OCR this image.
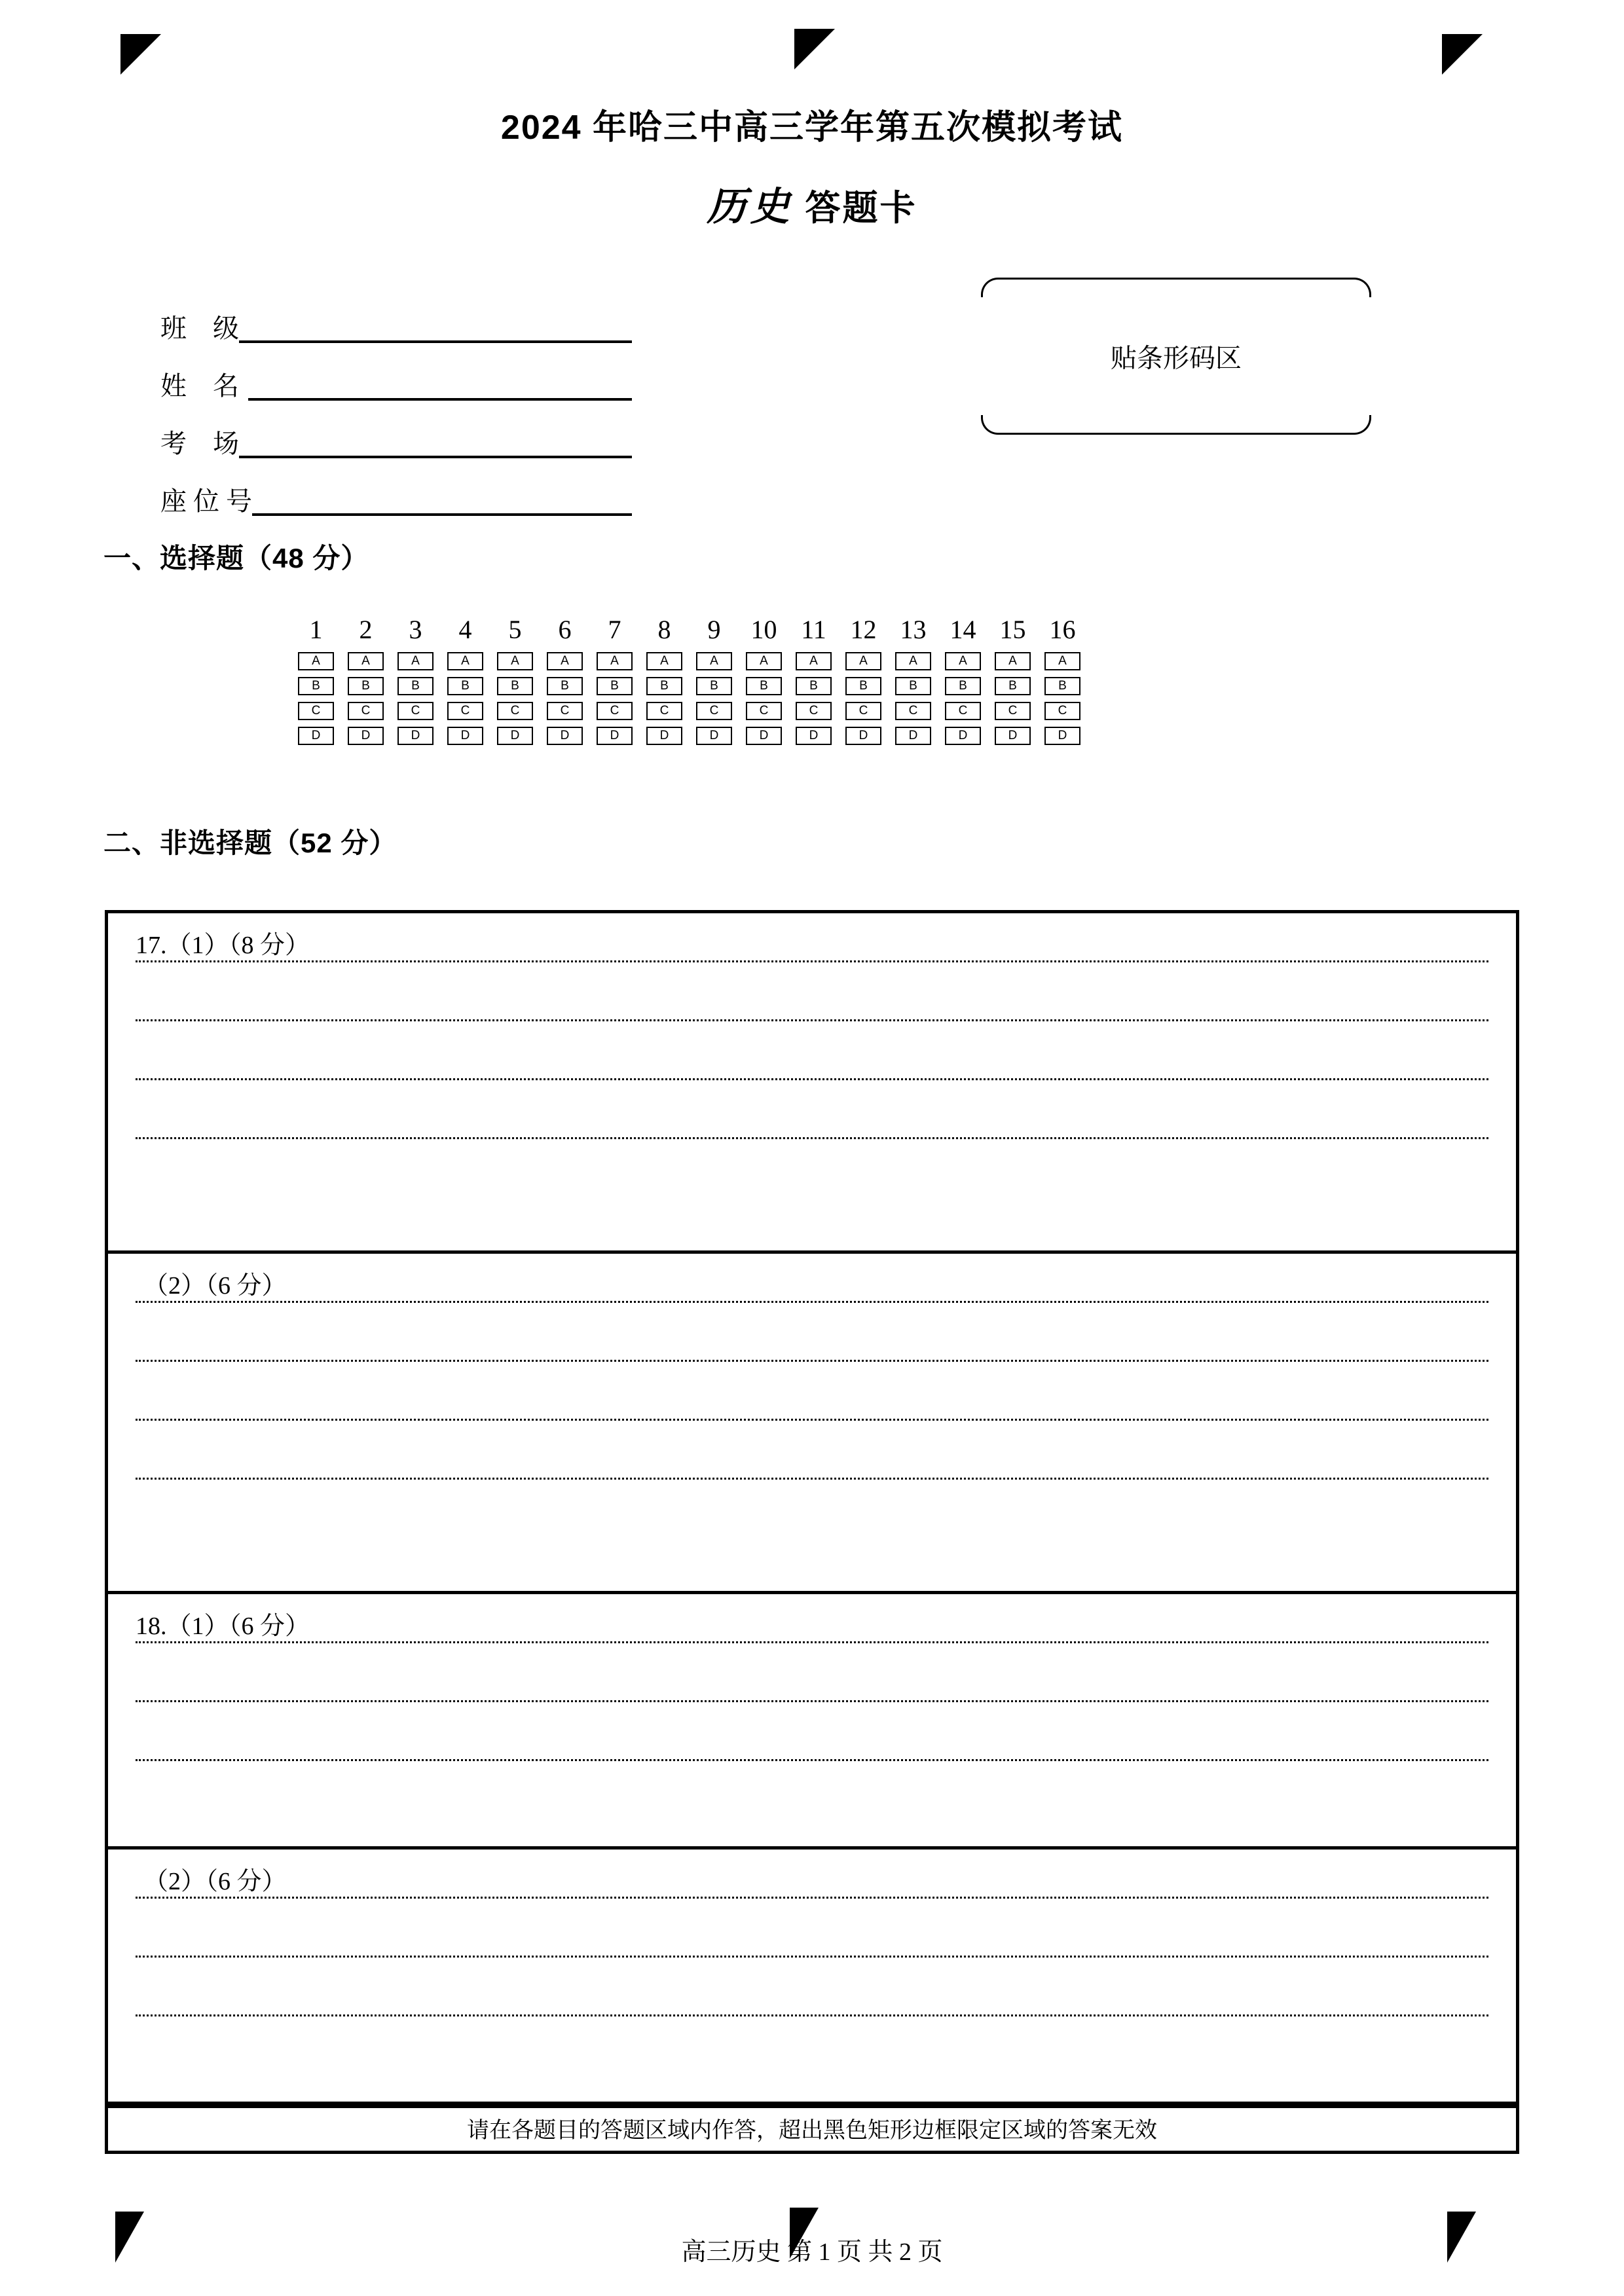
2024 年哈三中高三学年第五次模拟考试
历史 答题卡
班    级
姓    名
考    场
座 位 号
贴条形码区
一、选择题（48 分）
1	2	3	4	5	6	7	8	9	10 11 12 13 14 15 16
A	A	A	A	A	A	A	A	A	A	A	A	A	A	A	A
B	B	B	B	B	B	B	B	B	B	B	B	B	B	B	B
C	C	C	C	C	C	C	C	C	C	C	C	C	C	C	C
D	D	D	D	D	D	D	D	D	D	D	D	D	D	D	D
二、非选择题（52 分）
17.（1）（8 分）
（2）（6 分）
18.（1）（6 分）
（2）（6 分）
请在各题目的答题区域内作答，超出黑色矩形边框限定区域的答案无效
高三历史 第 1 页 共 2 页
